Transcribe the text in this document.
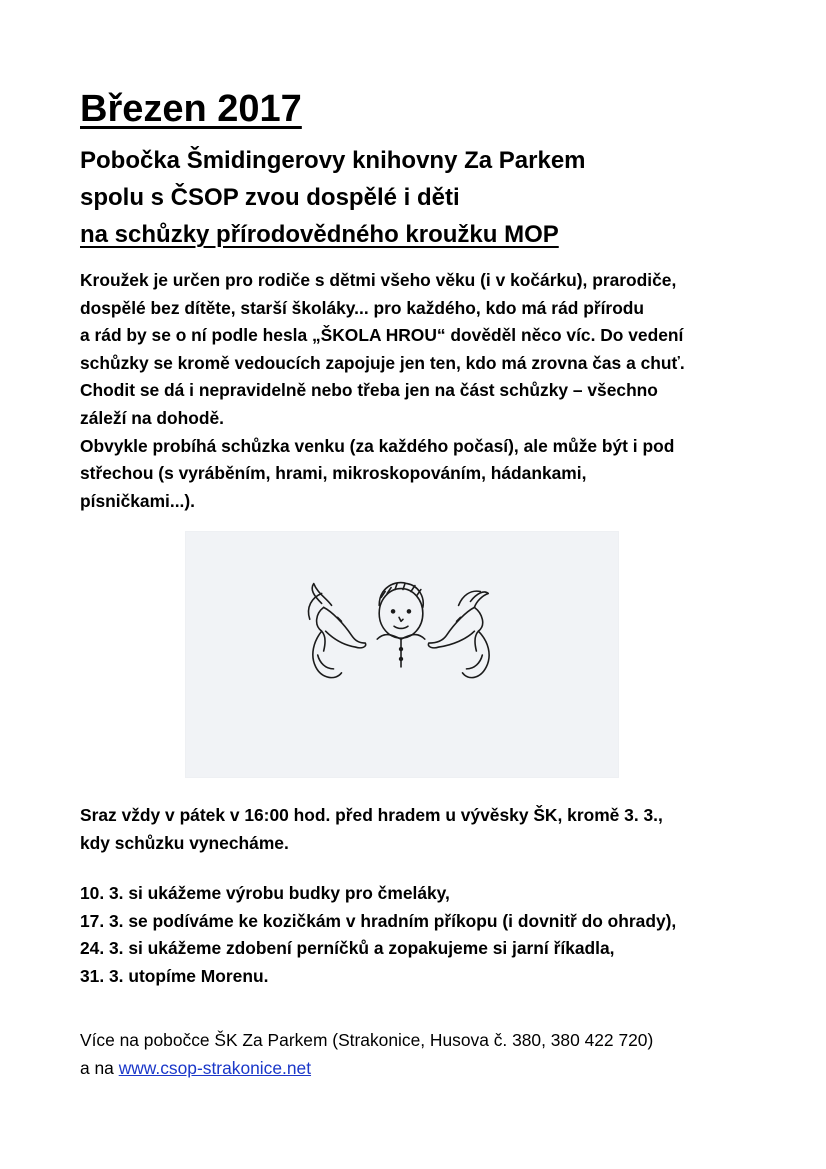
Březen 2017
Pobočka Šmidingerovy knihovny Za Parkem
spolu s ČSOP zvou dospělé i děti
na schůzky přírodovědného kroužku MOP

Kroužek je určen pro rodiče s dětmi všeho věku (i v kočárku), prarodiče,

dospělé bez dítěte, starší školáky... pro každého, kdo má rád přírodu

a rád by se o ní podle hesla „ŠKOLA HROU“ dověděl něco víc. Do vedení

schůzky se kromě vedoucích zapojuje jen ten, kdo má zrovna čas a chuť.

Chodit se dá i nepravidelně nebo třeba jen na část schůzky – všechno

záleží na dohodě.

Obvykle probíhá schůzka venku (za každého počasí), ale může být i pod

střechou (s vyráběním, hrami, mikroskopováním, hádankami,

písničkami...).

Sraz vždy v pátek v 16:00 hod. před hradem u vývěsky ŠK, kromě 3. 3.,
kdy schůzku vynecháme.
10. 3. si ukážeme výrobu budky pro čmeláky,
17. 3. se podíváme ke kozičkám v hradním příkopu (i dovnitř do ohrady),
24. 3. si ukážeme zdobení perníčků a zopakujeme si jarní říkadla,
31. 3. utopíme Morenu.
Více na pobočce ŠK Za Parkem (Strakonice, Husova č. 380, 380 422 720)
a na www.csop-strakonice.net
